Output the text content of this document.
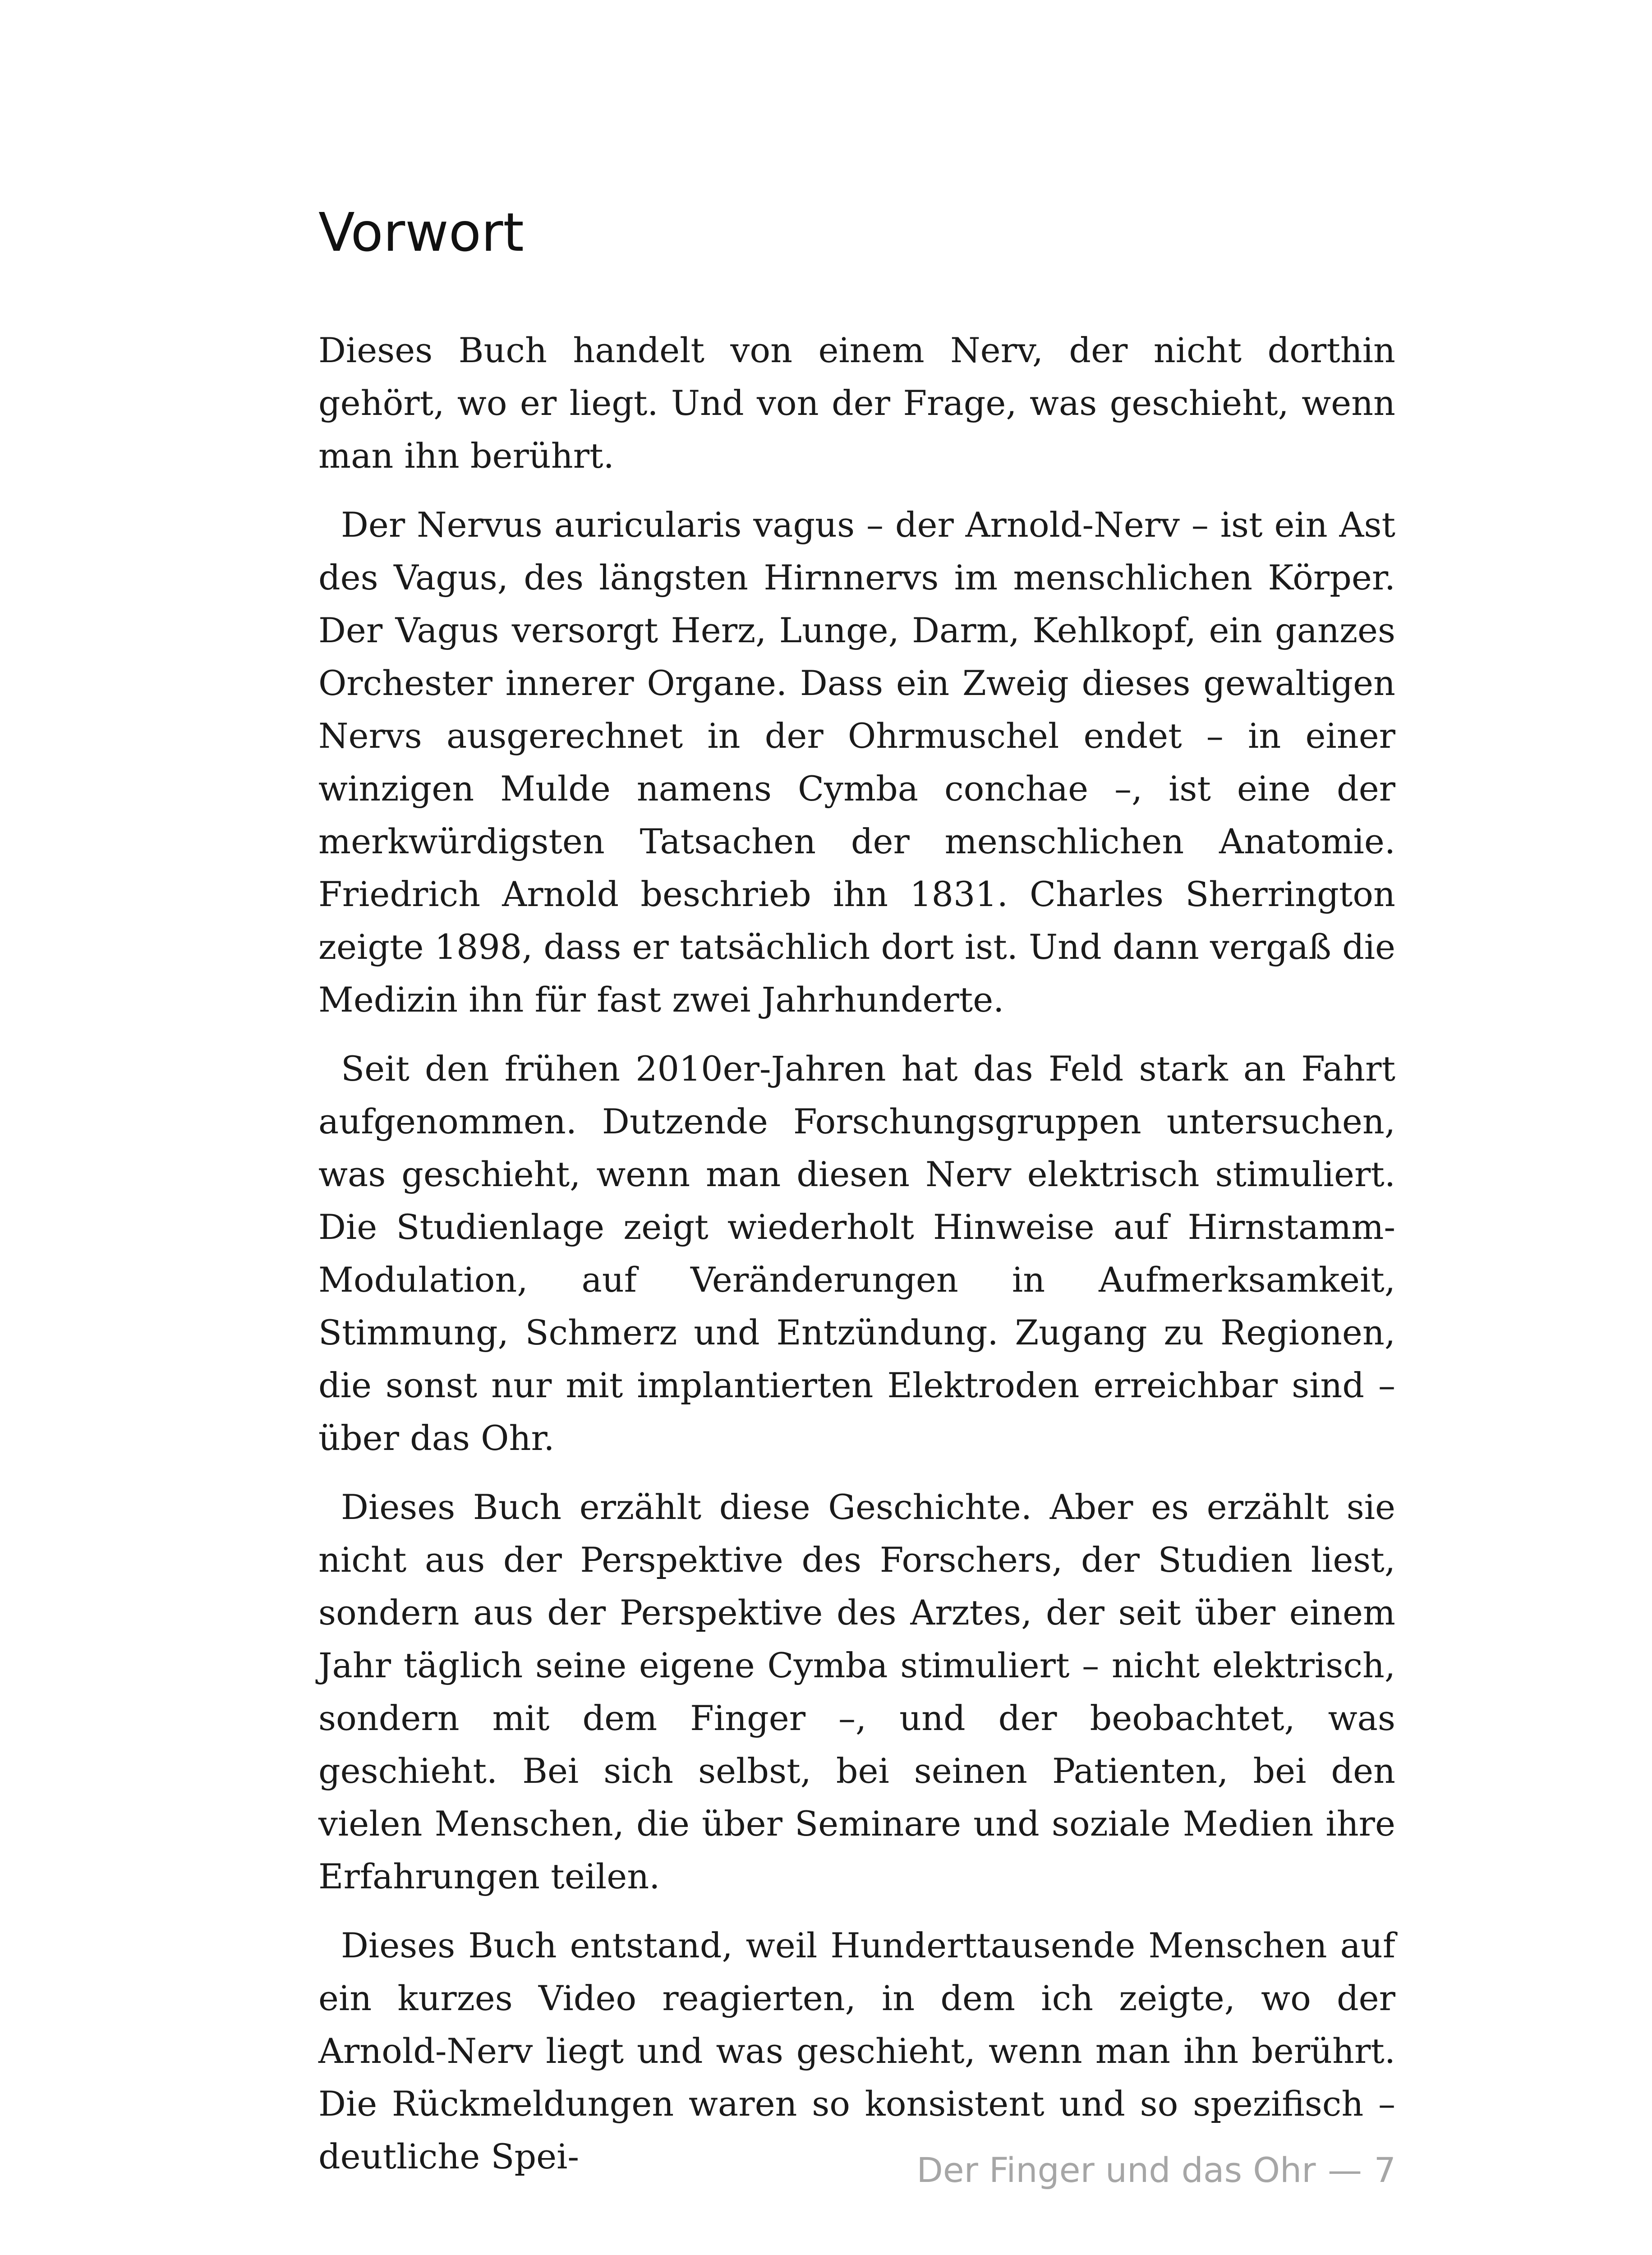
Vorwort

Dieses Buch handelt von einem Nerv, der nicht dorthin gehört, wo er liegt. Und von der Frage, was geschieht, wenn man ihn berührt.

Der Nervus auricularis vagus – der Arnold-Nerv – ist ein Ast des Vagus, des längsten Hirnnervs im menschlichen Körper. Der Vagus versorgt Herz, Lunge, Darm, Kehlkopf, ein ganzes Orchester innerer Organe. Dass ein Zweig dieses gewaltigen Nervs ausgerechnet in der Ohrmuschel endet – in einer winzigen Mulde namens Cymba conchae –, ist eine der merkwürdigsten Tatsachen der menschlichen Anatomie. Friedrich Arnold beschrieb ihn 1831. Charles Sherrington zeigte 1898, dass er tatsächlich dort ist. Und dann vergaß die Medizin ihn für fast zwei Jahrhunderte.

Seit den frühen 2010er-Jahren hat das Feld stark an Fahrt aufgenommen. Dutzende Forschungsgruppen untersuchen, was geschieht, wenn man diesen Nerv elektrisch stimuliert. Die Studienlage zeigt wiederholt Hinweise auf Hirnstamm-Modulation, auf Veränderungen in Aufmerksamkeit, Stimmung, Schmerz und Entzündung. Zugang zu Regionen, die sonst nur mit implantierten Elektroden erreichbar sind – über das Ohr.

Dieses Buch erzählt diese Geschichte. Aber es erzählt sie nicht aus der Perspektive des Forschers, der Studien liest, sondern aus der Perspektive des Arztes, der seit über einem Jahr täglich seine eigene Cymba stimuliert – nicht elektrisch, sondern mit dem Finger –, und der beobachtet, was geschieht. Bei sich selbst, bei seinen Patienten, bei den vielen Menschen, die über Seminare und soziale Medien ihre Erfahrungen teilen.

Dieses Buch entstand, weil Hunderttausende Menschen auf ein kurzes Video reagierten, in dem ich zeigte, wo der Arnold-Nerv liegt und was geschieht, wenn man ihn berührt. Die Rückmeldungen waren so konsistent und so spezifisch – deutliche Spei-	Der Finger und das Ohr — 7
